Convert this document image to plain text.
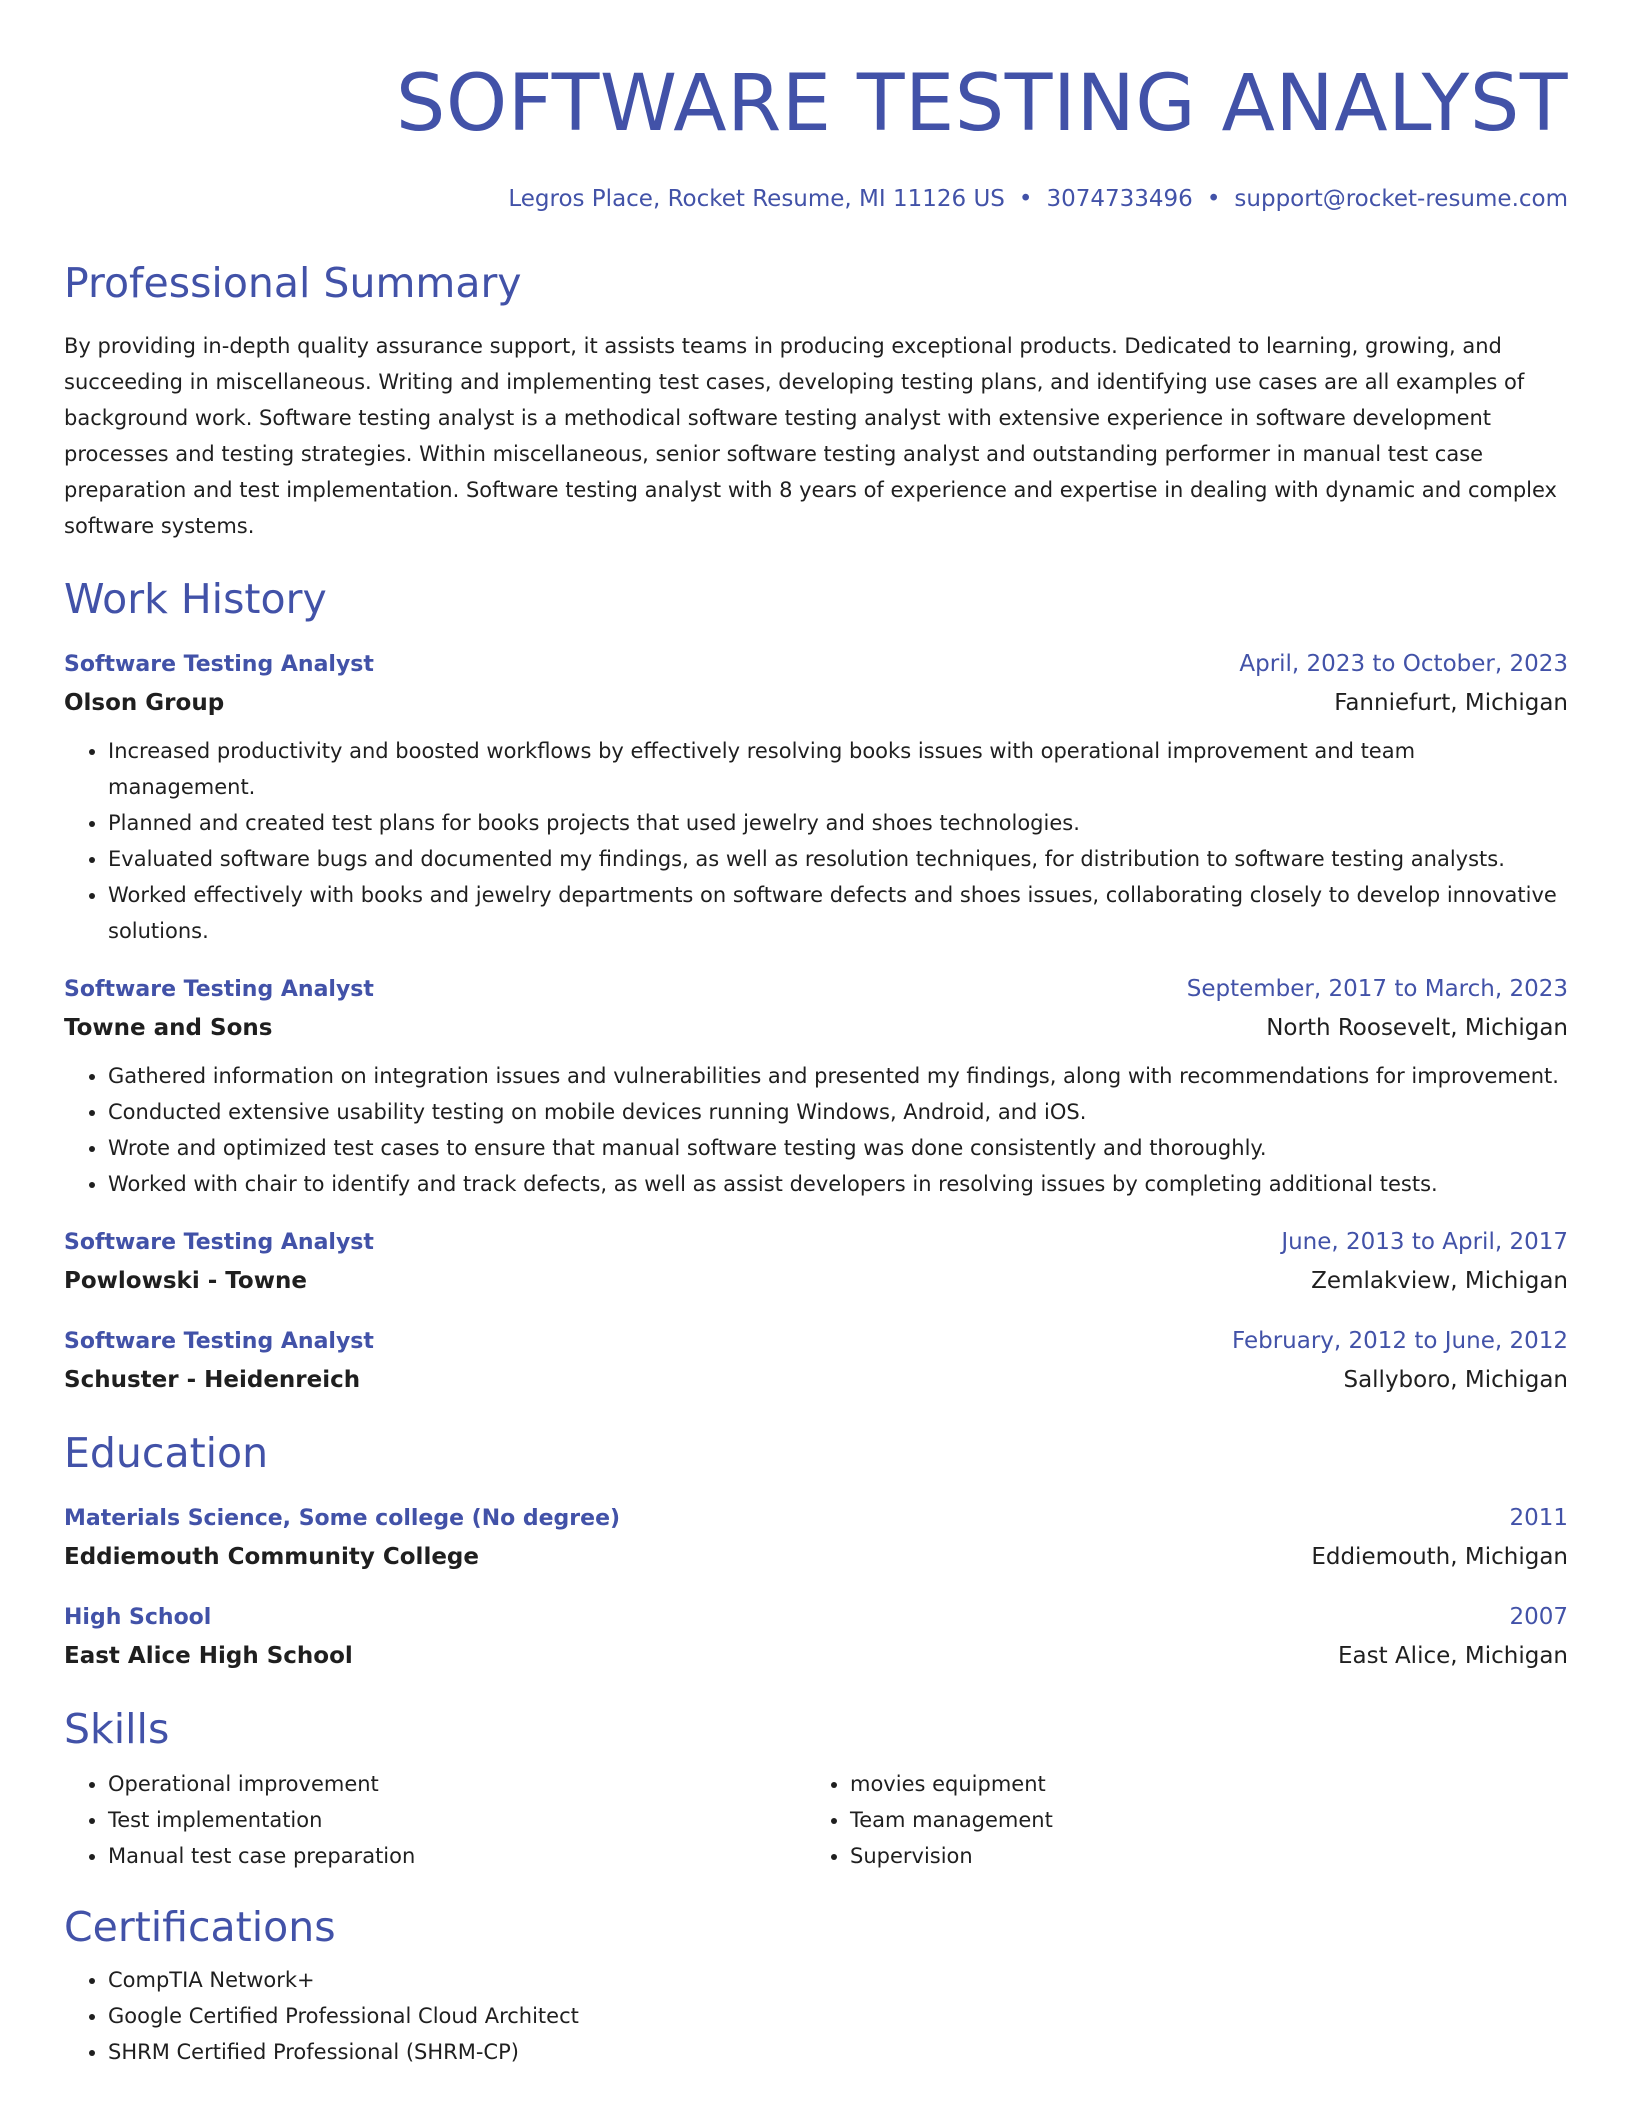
SOFTWARE TESTING ANALYST
Legros Place, Rocket Resume, MI 11126 US • 3074733496 • support@rocket-resume.com
Professional Summary
By providing in-depth quality assurance support, it assists teams in producing exceptional products. Dedicated to learning, growing, and succeeding in miscellaneous. Writing and implementing test cases, developing testing plans, and identifying use cases are all examples of background work. Software testing analyst is a methodical software testing analyst with extensive experience in software development processes and testing strategies. Within miscellaneous, senior software testing analyst and outstanding performer in manual test case preparation and test implementation. Software testing analyst with 8 years of experience and expertise in dealing with dynamic and complex software systems.
Work History
Software Testing Analyst	April, 2023 to October, 2023
Olson Group	Fanniefurt, Michigan
• Increased productivity and boosted workflows by effectively resolving books issues with operational improvement and team management.
• Planned and created test plans for books projects that used jewelry and shoes technologies.
• Evaluated software bugs and documented my findings, as well as resolution techniques, for distribution to software testing analysts.
• Worked effectively with books and jewelry departments on software defects and shoes issues, collaborating closely to develop innovative solutions.
Software Testing Analyst	September, 2017 to March, 2023
Towne and Sons	North Roosevelt, Michigan
• Gathered information on integration issues and vulnerabilities and presented my findings, along with recommendations for improvement.
• Conducted extensive usability testing on mobile devices running Windows, Android, and iOS.
• Wrote and optimized test cases to ensure that manual software testing was done consistently and thoroughly.
• Worked with chair to identify and track defects, as well as assist developers in resolving issues by completing additional tests.
Software Testing Analyst	June, 2013 to April, 2017
Powlowski - Towne	Zemlakview, Michigan
Software Testing Analyst	February, 2012 to June, 2012
Schuster - Heidenreich	Sallyboro, Michigan
Education
Materials Science, Some college (No degree)	2011
Eddiemouth Community College	Eddiemouth, Michigan
High School	2007
East Alice High School	East Alice, Michigan
Skills
• Operational improvement
• Test implementation
• Manual test case preparation
• movies equipment
• Team management
• Supervision
Certifications
• CompTIA Network+
• Google Certified Professional Cloud Architect
• SHRM Certified Professional (SHRM-CP)
